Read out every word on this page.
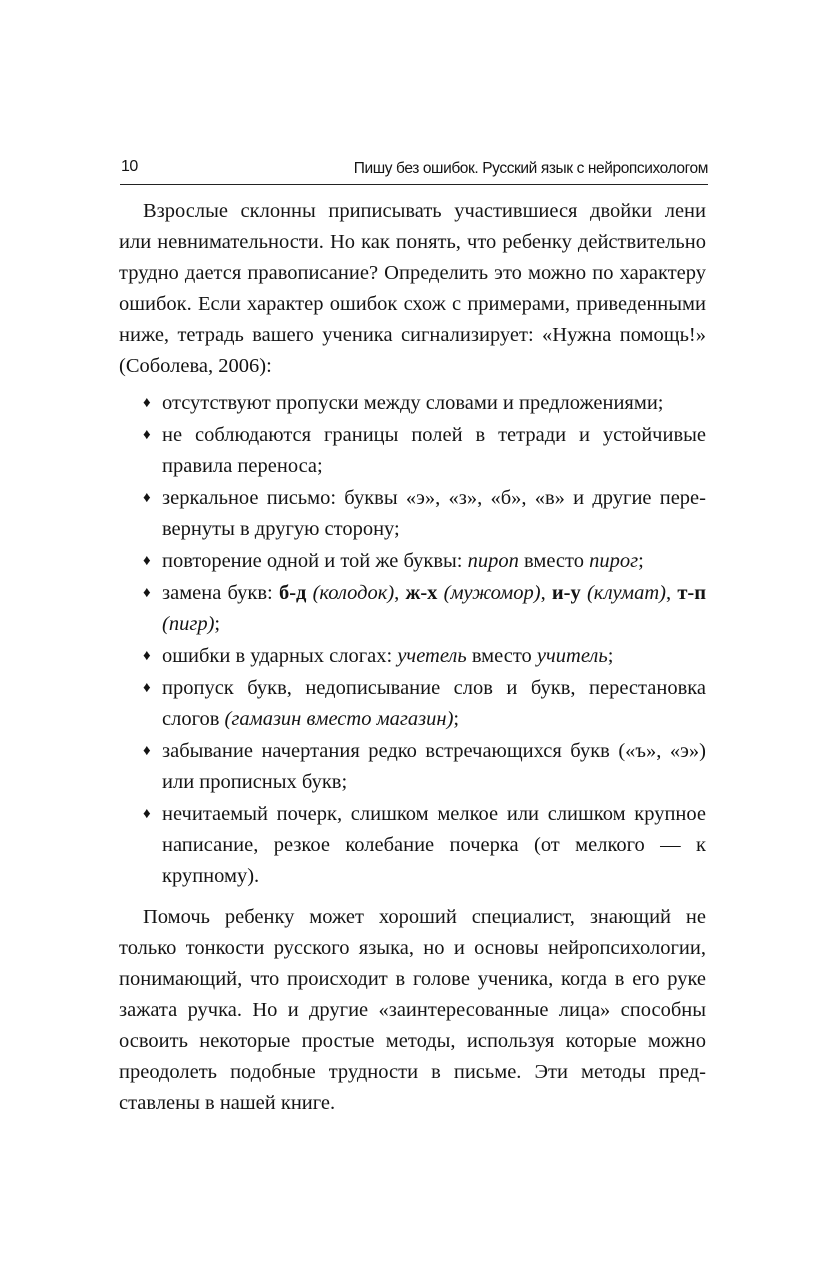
10	Пишу без ошибок. Русский язык с нейропсихологом

Взрослые склонны приписывать участившиеся двойки лени или невнимательности. Но как понять, что ребенку действительно трудно дается правописание? Определить это можно по характеру ошибок. Если характер ошибок схож с примерами, приведенными ниже, тетрадь вашего ученика сигнализирует: «Нужна помощь!» (Соболева, 2006):

♦ отсутствуют пропуски между словами и предложениями;
♦ не соблюдаются границы полей в тетради и устойчивые правила переноса;
♦ зеркальное письмо: буквы «э», «з», «б», «в» и другие перевернуты в другую сторону;
♦ повторение одной и той же буквы: пиpoп вместо пирог;
♦ замена букв: б-д (колодок), ж-х (мужомор), и-у (клумат), т-п (пигр);
♦ ошибки в ударных слогах: учетель вместо учитель;
♦ пропуск букв, недописывание слов и букв, перестановка слогов (гамазин вместо магазин);
♦ забывание начертания редко встречающихся букв («ъ», «э») или прописных букв;
♦ нечитаемый почерк, слишком мелкое или слишком крупное написание, резкое колебание почерка (от мелкого — к крупному).

Помочь ребенку может хороший специалист, знающий не только тонкости русского языка, но и основы нейропсихологии, понимающий, что происходит в голове ученика, когда в его руке зажата ручка. Но и другие «заинтересованные лица» способны освоить некоторые простые методы, используя которые можно преодолеть подобные трудности в письме. Эти методы представлены в нашей книге.
